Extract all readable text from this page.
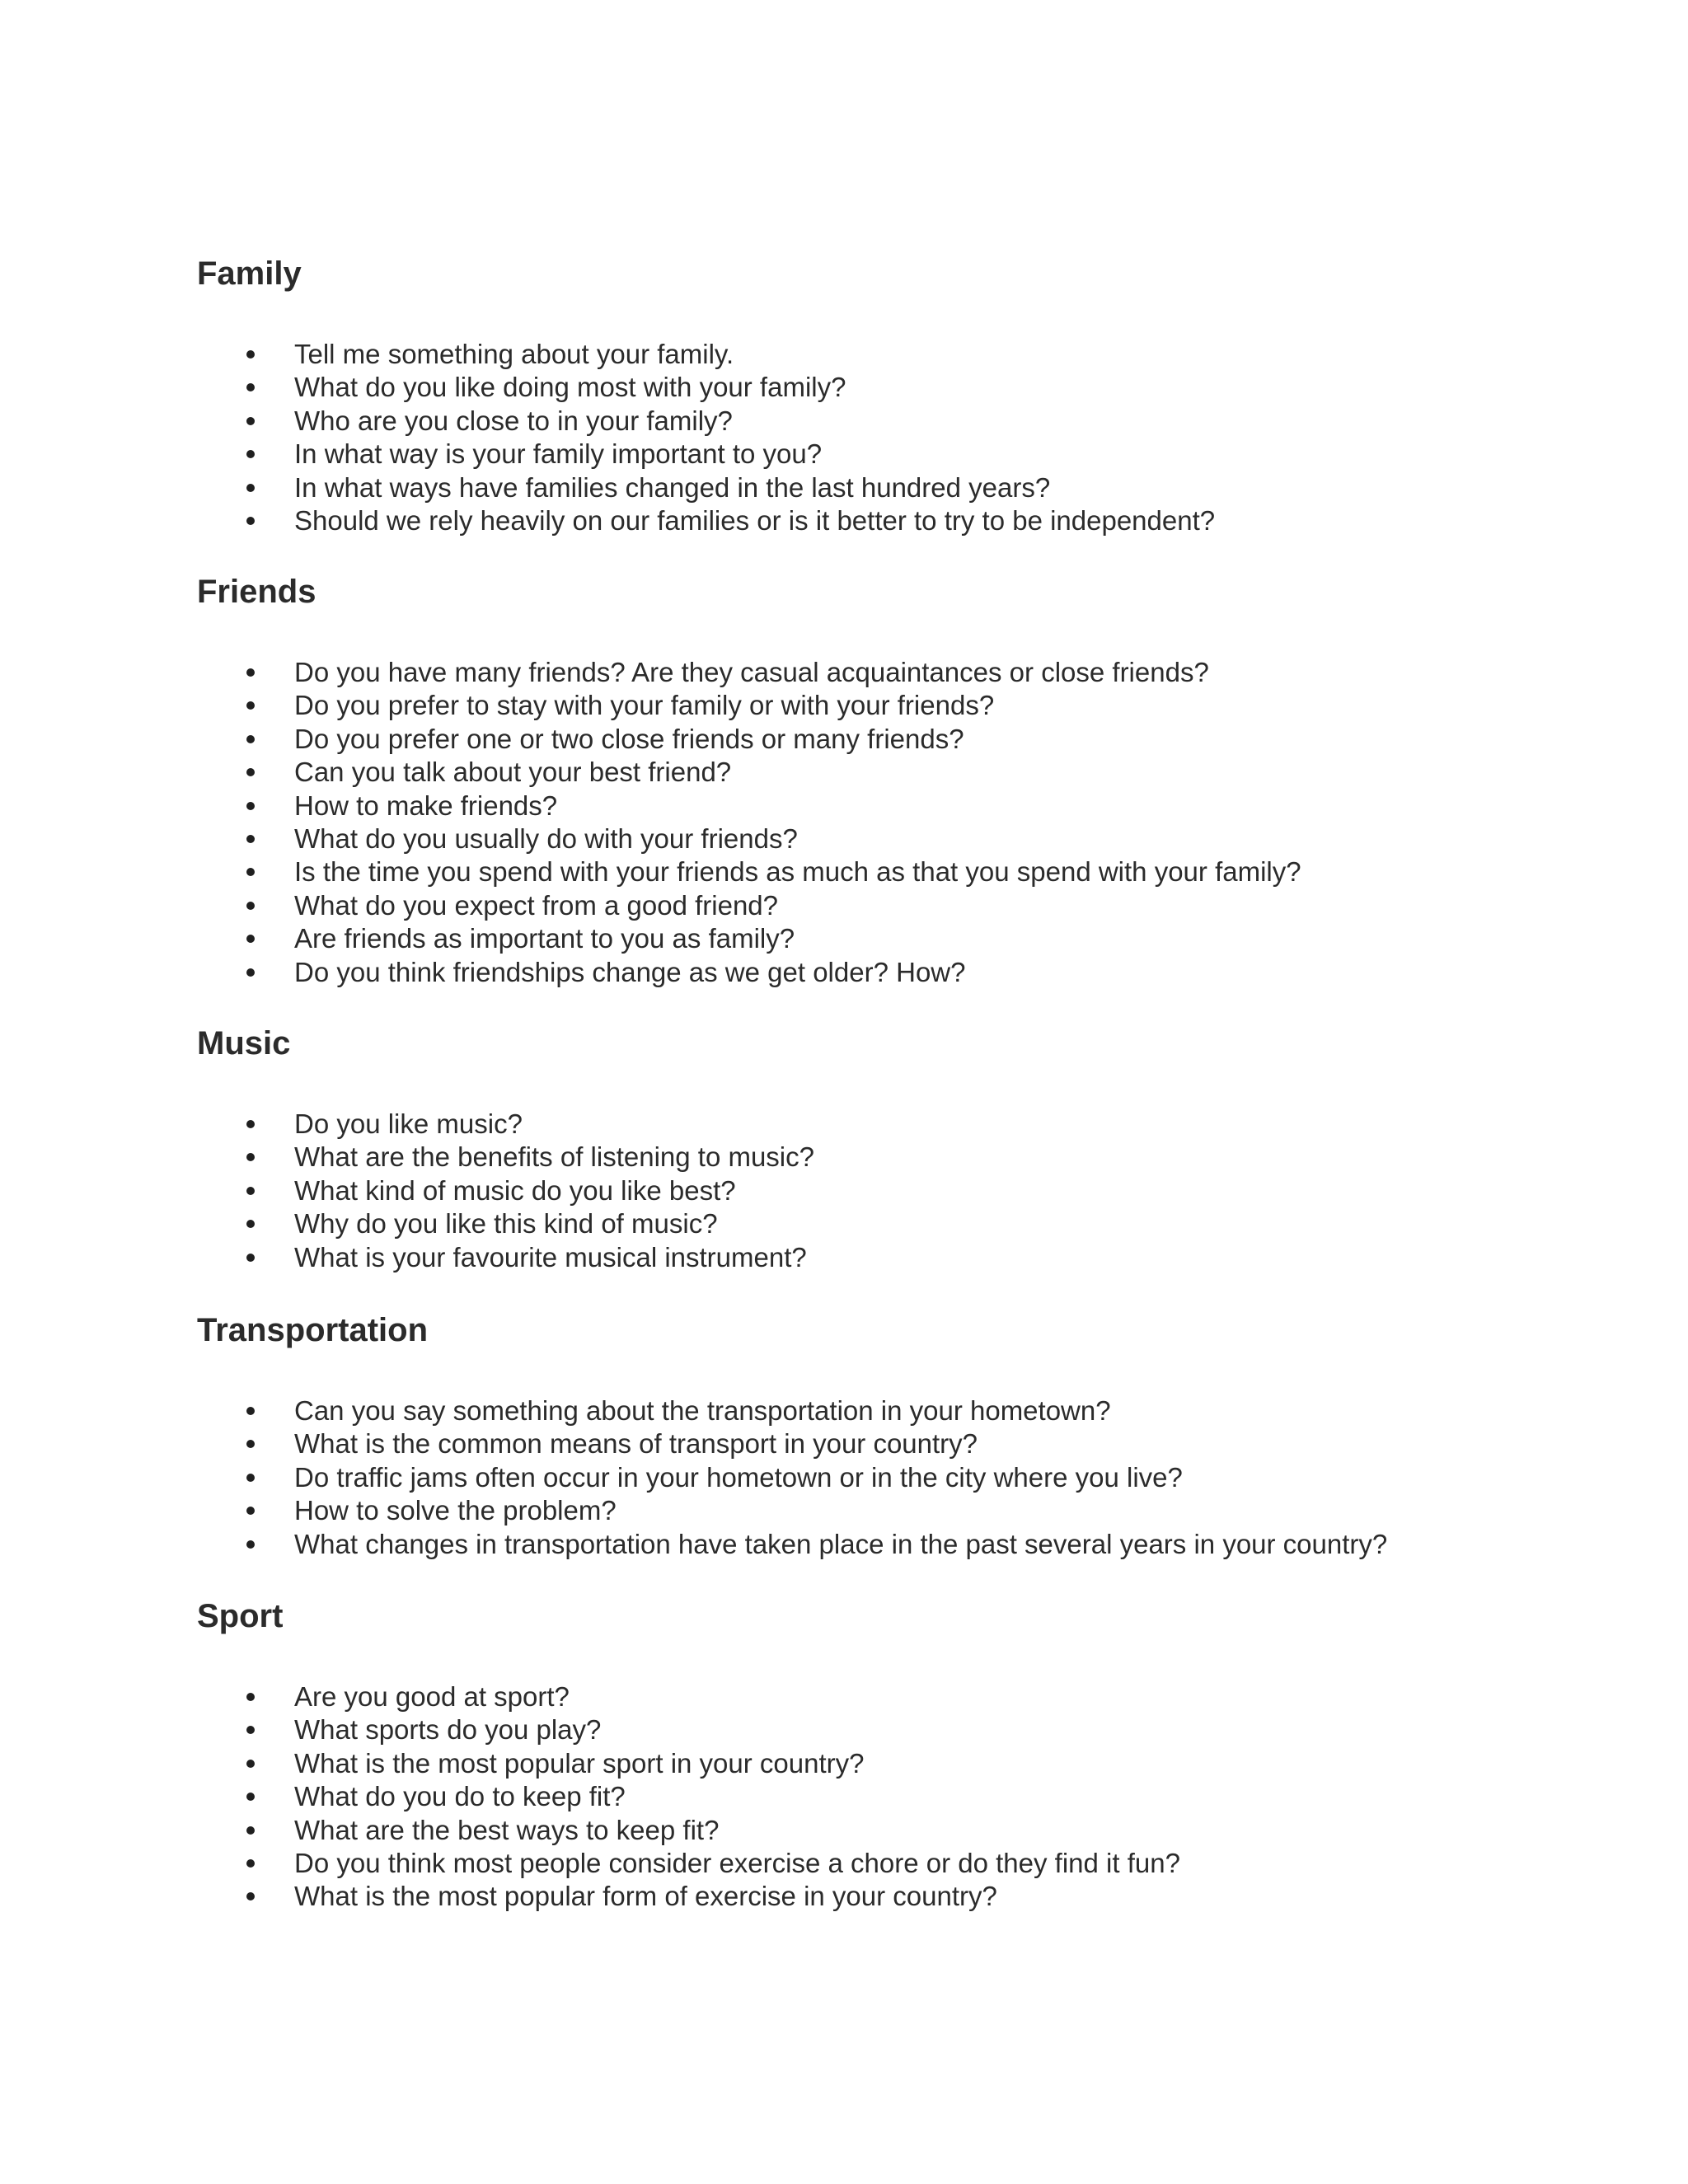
Family
Tell me something about your family.
What do you like doing most with your family?
Who are you close to in your family?
In what way is your family important to you?
In what ways have families changed in the last hundred years?
Should we rely heavily on our families or is it better to try to be independent?
Friends
Do you have many friends? Are they casual acquaintances or close friends?
Do you prefer to stay with your family or with your friends?
Do you prefer one or two close friends or many friends?
Can you talk about your best friend?
How to make friends?
What do you usually do with your friends?
Is the time you spend with your friends as much as that you spend with your family?
What do you expect from a good friend?
Are friends as important to you as family?
Do you think friendships change as we get older? How?
Music
Do you like music?
What are the benefits of listening to music?
What kind of music do you like best?
Why do you like this kind of music?
What is your favourite musical instrument?
Transportation
Can you say something about the transportation in your hometown?
What is the common means of transport in your country?
Do traffic jams often occur in your hometown or in the city where you live?
How to solve the problem?
What changes in transportation have taken place in the past several years in your country?
Sport
Are you good at sport?
What sports do you play?
What is the most popular sport in your country?
What do you do to keep fit?
What are the best ways to keep fit?
Do you think most people consider exercise a chore or do they find it fun?
What is the most popular form of exercise in your country?
